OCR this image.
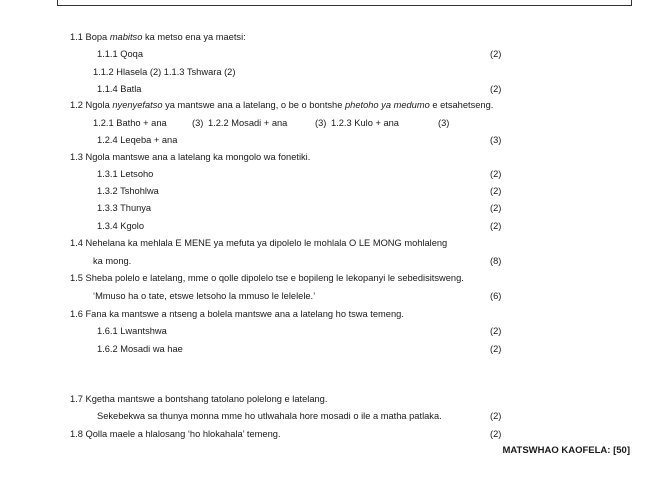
1.1 Bopa mabitso ka metso ena ya maetsi:
1.1.1 Qoqa	(2)
1.1.2 Hlasela (2) 1.1.3 Tshwara (2)
1.1.4 Batla	(2)
1.2 Ngola nyenyefatso ya mantswe ana a latelang, o be o bontshe phetoho ya medumo e etsahetseng.
1.2.1 Batho + ana	(3) 1.2.2 Mosadi + ana	(3) 1.2.3 Kulo + ana	(3)
1.2.4 Leqeba + ana	(3)
1.3 Ngola mantswe ana a latelang ka mongolo wa fonetiki.
1.3.1 Letsoho	(2)
1.3.2 Tshohlwa	(2)
1.3.3 Thunya	(2)
1.3.4 Kgolo	(2)
1.4 Nehelana ka mehlala E MENE ya mefuta ya dipolelo le mohlala O LE MONG mohlaleng
ka mong.	(8)
1.5 Sheba polelo e latelang, mme o qolle dipolelo tse e bopileng le lekopanyi le sebedisitsweng.
‘Mmuso ha o tate, etswe letsoho la mmuso le lelelele.’	(6)
1.6 Fana ka mantswe a ntseng a bolela mantswe ana a latelang ho tswa temeng.
1.6.1 Lwantshwa	(2)
1.6.2 Mosadi wa hae	(2)
1.7 Kgetha mantswe a bontshang tatolano polelong e latelang.
Sekebekwa sa thunya monna mme ho utlwahala hore mosadi o ile a matha patlaka.	(2)
1.8 Qolla maele a hlalosang ‘ho hlokahala’ temeng.	(2)
MATSWHAO KAOFELA: [50]
